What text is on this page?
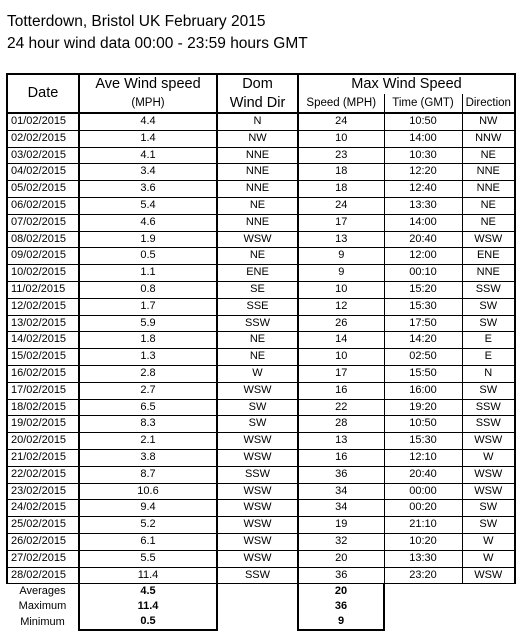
Totterdown, Bristol UK February 2015
24 hour wind data 00:00 - 23:59 hours GMT
Date	Ave Wind speed	Dom	Max Wind Speed		
	(MPH)	Wind Dir	Speed (MPH)	Time (GMT)	Direction
01/02/2015	4.4	N	24	10:50	NW
02/02/2015	1.4	NW	10	14:00	NNW
03/02/2015	4.1	NNE	23	10:30	NE
04/02/2015	3.4	NNE	18	12:20	NNE
05/02/2015	3.6	NNE	18	12:40	NNE
06/02/2015	5.4	NE	24	13:30	NE
07/02/2015	4.6	NNE	17	14:00	NE
08/02/2015	1.9	WSW	13	20:40	WSW
09/02/2015	0.5	NE	9	12:00	ENE
10/02/2015	1.1	ENE	9	00:10	NNE
11/02/2015	0.8	SE	10	15:20	SSW
12/02/2015	1.7	SSE	12	15:30	SW
13/02/2015	5.9	SSW	26	17:50	SW
14/02/2015	1.8	NE	14	14:20	E
15/02/2015	1.3	NE	10	02:50	E
16/02/2015	2.8	W	17	15:50	N
17/02/2015	2.7	WSW	16	16:00	SW
18/02/2015	6.5	SW	22	19:20	SSW
19/02/2015	8.3	SW	28	10:50	SSW
20/02/2015	2.1	WSW	13	15:30	WSW
21/02/2015	3.8	WSW	16	12:10	W
22/02/2015	8.7	SSW	36	20:40	WSW
23/02/2015	10.6	WSW	34	00:00	WSW
24/02/2015	9.4	WSW	34	00:20	SW
25/02/2015	5.2	WSW	19	21:10	SW
26/02/2015	6.1	WSW	32	10:20	W
27/02/2015	5.5	WSW	20	13:30	W
28/02/2015	11.4	SSW	36	23:20	WSW
Averages	4.5		20		
Maximum	11.4		36		
Minimum	0.5		9		
